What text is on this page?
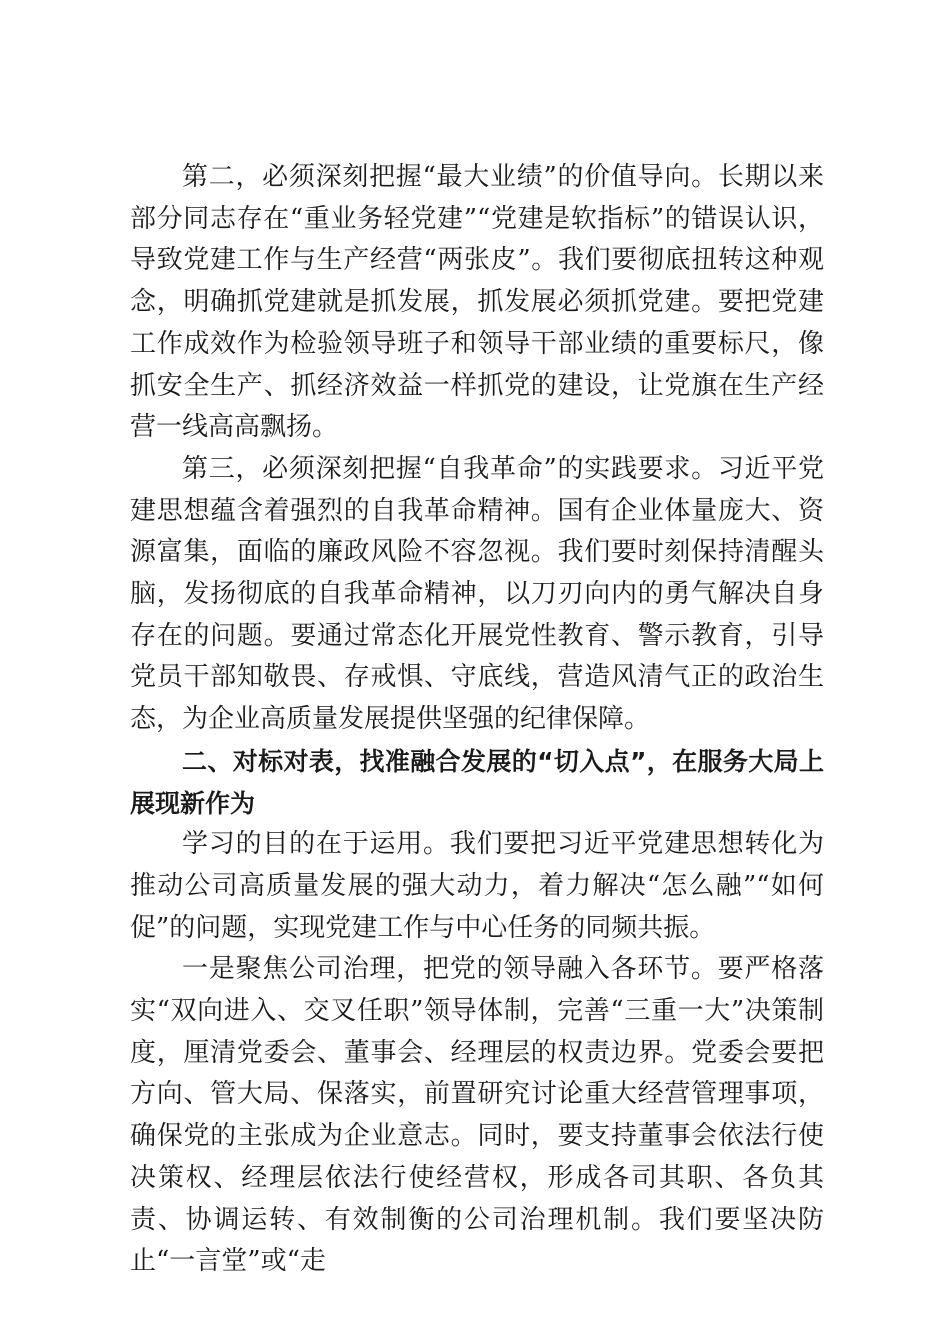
第二，必须深刻把握“最大业绩”的价值导向。长期以来部分同志存在“重业务轻党建”“党建是软指标”的错误认识，导致党建工作与生产经营“两张皮”。我们要彻底扭转这种观念，明确抓党建就是抓发展，抓发展必须抓党建。要把党建工作成效作为检验领导班子和领导干部业绩的重要标尺，像抓安全生产、抓经济效益一样抓党的建设，让党旗在生产经营一线高高飘扬。

第三，必须深刻把握“自我革命”的实践要求。习近平党建思想蕴含着强烈的自我革命精神。国有企业体量庞大、资源富集，面临的廉政风险不容忽视。我们要时刻保持清醒头脑，发扬彻底的自我革命精神，以刀刃向内的勇气解决自身存在的问题。要通过常态化开展党性教育、警示教育，引导党员干部知敬畏、存戒惧、守底线，营造风清气正的政治生态，为企业高质量发展提供坚强的纪律保障。

二、对标对表，找准融合发展的“切入点”，在服务大局上展现新作为

学习的目的在于运用。我们要把习近平党建思想转化为推动公司高质量发展的强大动力，着力解决“怎么融”“如何促”的问题，实现党建工作与中心任务的同频共振。

一是聚焦公司治理，把党的领导融入各环节。要严格落实“双向进入、交叉任职”领导体制，完善“三重一大”决策制度，厘清党委会、董事会、经理层的权责边界。党委会要把方向、管大局、保落实，前置研究讨论重大经营管理事项，确保党的主张成为企业意志。同时，要支持董事会依法行使决策权、经理层依法行使经营权，形成各司其职、各负其责、协调运转、有效制衡的公司治理机制。我们要坚决防止“一言堂”或“走
